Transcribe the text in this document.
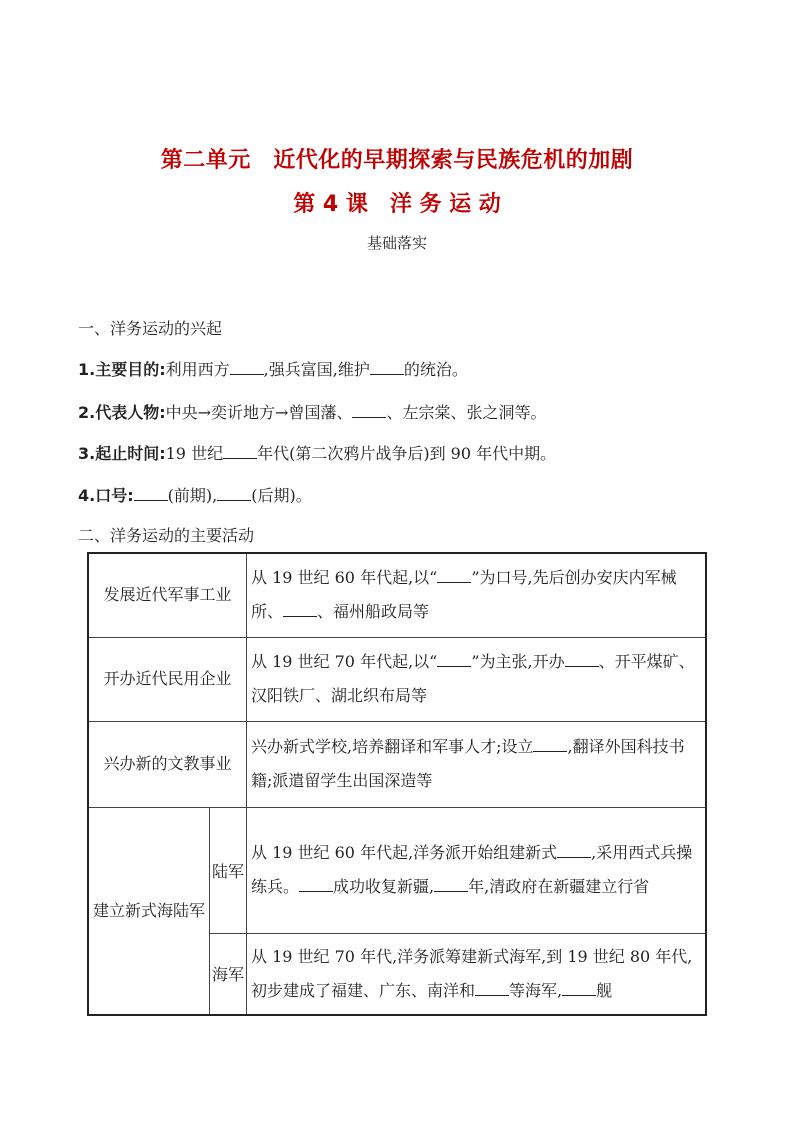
第二单元　近代化的早期探索与民族危机的加剧
第 4 课　洋 务 运 动
基础落实
一、洋务运动的兴起
1.主要目的:利用西方 ,强兵富国,维护 的统治。
2.代表人物:中央→奕䜣地方→曾国藩、 、左宗棠、张之洞等。
3.起止时间:19 世纪 年代(第二次鸦片战争后)到 90 年代中期。
4.口号: (前期), (后期)。
二、洋务运动的主要活动
发展近代军事工业		从 19 世纪 60 年代起,以“ ”为口号,先后创办安庆内军械所、 、福州船政局等
开办近代民用企业		从 19 世纪 70 年代起,以“ ”为主张,开办 、开平煤矿、汉阳铁厂、湖北织布局等
兴办新的文教事业		兴办新式学校,培养翻译和军事人才;设立 ,翻译外国科技书籍;派遣留学生出国深造等
建立新式海陆军	陆军	从 19 世纪 60 年代起,洋务派开始组建新式 ,采用西式兵操练兵。 成功收复新疆, 年,清政府在新疆建立行省
	海军	从 19 世纪 70 年代,洋务派筹建新式海军,到 19 世纪 80 年代,初步建成了福建、广东、南洋和 等海军, 舰
